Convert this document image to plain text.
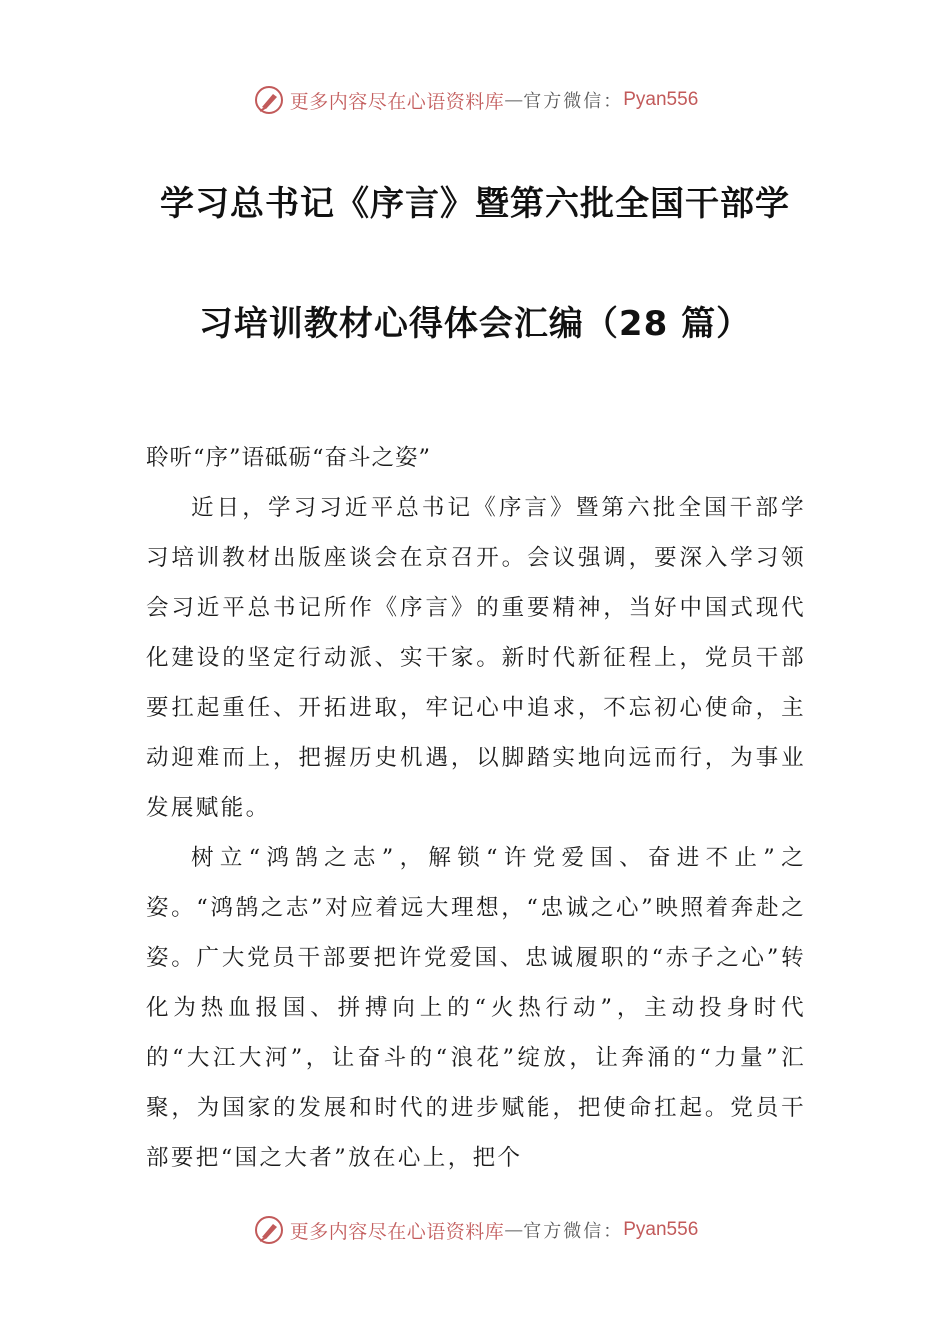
更多内容尽在心语资料库 — 官方微信： Pyan556
学习总书记《序言》暨第六批全国干部学
习培训教材心得体会汇编（28 篇）
聆听“序”语砥砺“奋斗之姿”

近日，学习习近平总书记《序言》暨第六批全国干部学习培训教材出版座谈会在京召开。会议强调，要深入学习领会习近平总书记所作《序言》的重要精神，当好中国式现代化建设的坚定行动派、实干家。新时代新征程上，党员干部要扛起重任、开拓进取，牢记心中追求，不忘初心使命，主动迎难而上，把握历史机遇，以脚踏实地向远而行，为事业发展赋能。

树立“鸿鹄之志”，解锁“许党爱国、奋进不止”之姿。“鸿鹄之志”对应着远大理想，“忠诚之心”映照着奔赴之姿。广大党员干部要把许党爱国、忠诚履职的“赤子之心”转化为热血报国、拼搏向上的“火热行动”，主动投身时代的“大江大河”，让奋斗的“浪花”绽放，让奔涌的“力量”汇聚，为国家的发展和时代的进步赋能，把使命扛起。党员干部要把“国之大者”放在心上，把个

更多内容尽在心语资料库 — 官方微信： Pyan556
